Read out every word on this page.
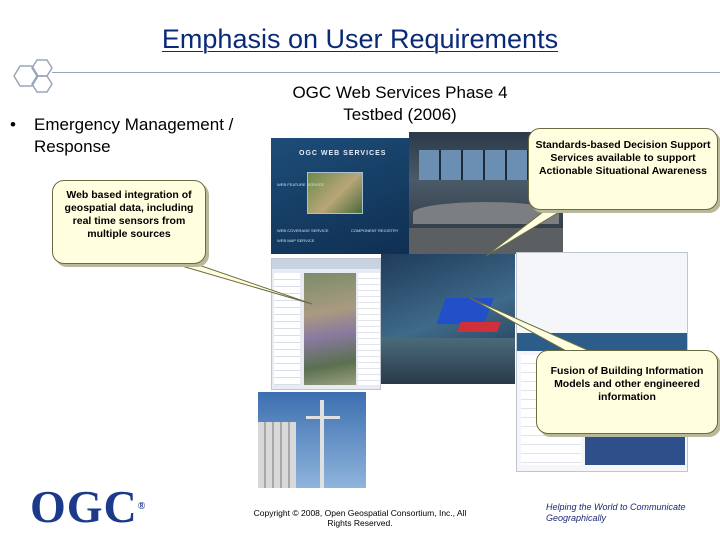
Emphasis on User Requirements
•	Emergency Management / Response
OGC Web Services Phase 4 Testbed (2006)
OGC WEB SERVICES
WEB FEATURE SERVICE
WEB COVERAGE SERVICE
WEB MAP SERVICE
COMPONENT REGISTRY
Web based integration of geospatial data, including real time sensors from multiple sources
Standards-based Decision Support Services available to support Actionable Situational Awareness
Fusion of Building Information Models and other engineered information
OGC®
Copyright © 2008, Open Geospatial Consortium, Inc., All Rights Reserved.
Helping the World to Communicate Geographically
